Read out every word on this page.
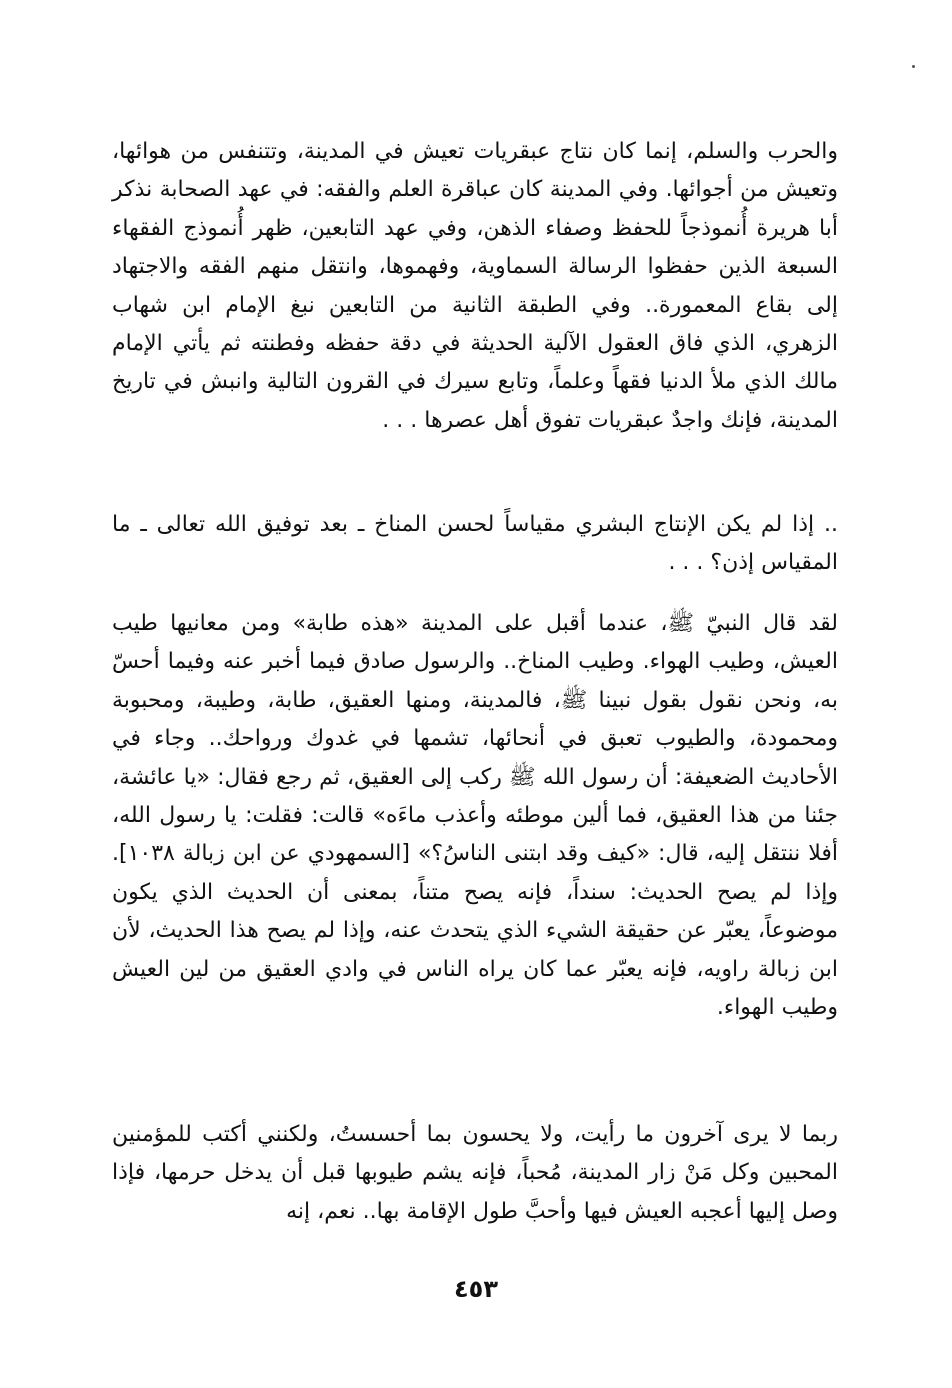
والحرب والسلم، إنما كان نتاج عبقريات تعيش في المدينة، وتتنفس من هوائها، وتعيش من أجوائها. وفي المدينة كان عباقرة العلم والفقه: في عهد الصحابة نذكر أبا هريرة أُنموذجاً للحفظ وصفاء الذهن، وفي عهد التابعين، ظهر أُنموذج الفقهاء السبعة الذين حفظوا الرسالة السماوية، وفهموها، وانتقل منهم الفقه والاجتهاد إلى بقاع المعمورة.. وفي الطبقة الثانية من التابعين نبغ الإمام ابن شهاب الزهري، الذي فاق العقول الآلية الحديثة في دقة حفظه وفطنته ثم يأتي الإمام مالك الذي ملأ الدنيا فقهاً وعلماً، وتابع سيرك في القرون التالية وانبش في تاريخ المدينة، فإنك واجدٌ عبقريات تفوق أهل عصرها . . .

.. إذا لم يكن الإنتاج البشري مقياساً لحسن المناخ ـ بعد توفيق الله تعالى ـ ما المقياس إذن؟ . . .

لقد قال النبيّ ﷺ، عندما أقبل على المدينة «هذه طابة» ومن معانيها طيب العيش، وطيب الهواء. وطيب المناخ.. والرسول صادق فيما أخبر عنه وفيما أحسّ به، ونحن نقول بقول نبينا ﷺ، فالمدينة، ومنها العقيق، طابة، وطيبة، ومحبوبة ومحمودة، والطيوب تعبق في أنحائها، تشمها في غدوك ورواحك.. وجاء في الأحاديث الضعيفة: أن رسول الله ﷺ ركب إلى العقيق، ثم رجع فقال: «يا عائشة، جئنا من هذا العقيق، فما ألين موطئه وأعذب ماءَه» قالت: فقلت: يا رسول الله، أفلا ننتقل إليه، قال: «كيف وقد ابتنى الناسُ؟» [السمهودي عن ابن زبالة ١٠٣٨]. وإذا لم يصح الحديث: سنداً، فإنه يصح متناً، بمعنى أن الحديث الذي يكون موضوعاً، يعبّر عن حقيقة الشيء الذي يتحدث عنه، وإذا لم يصح هذا الحديث، لأن ابن زبالة راويه، فإنه يعبّر عما كان يراه الناس في وادي العقيق من لين العيش وطيب الهواء.

ربما لا يرى آخرون ما رأيت، ولا يحسون بما أحسستُ، ولكنني أكتب للمؤمنين المحبين وكل مَنْ زار المدينة، مُحباً، فإنه يشم طيوبها قبل أن يدخل حرمها، فإذا وصل إليها أعجبه العيش فيها وأحبَّ طول الإقامة بها.. نعم، إنه

٤٥٣
